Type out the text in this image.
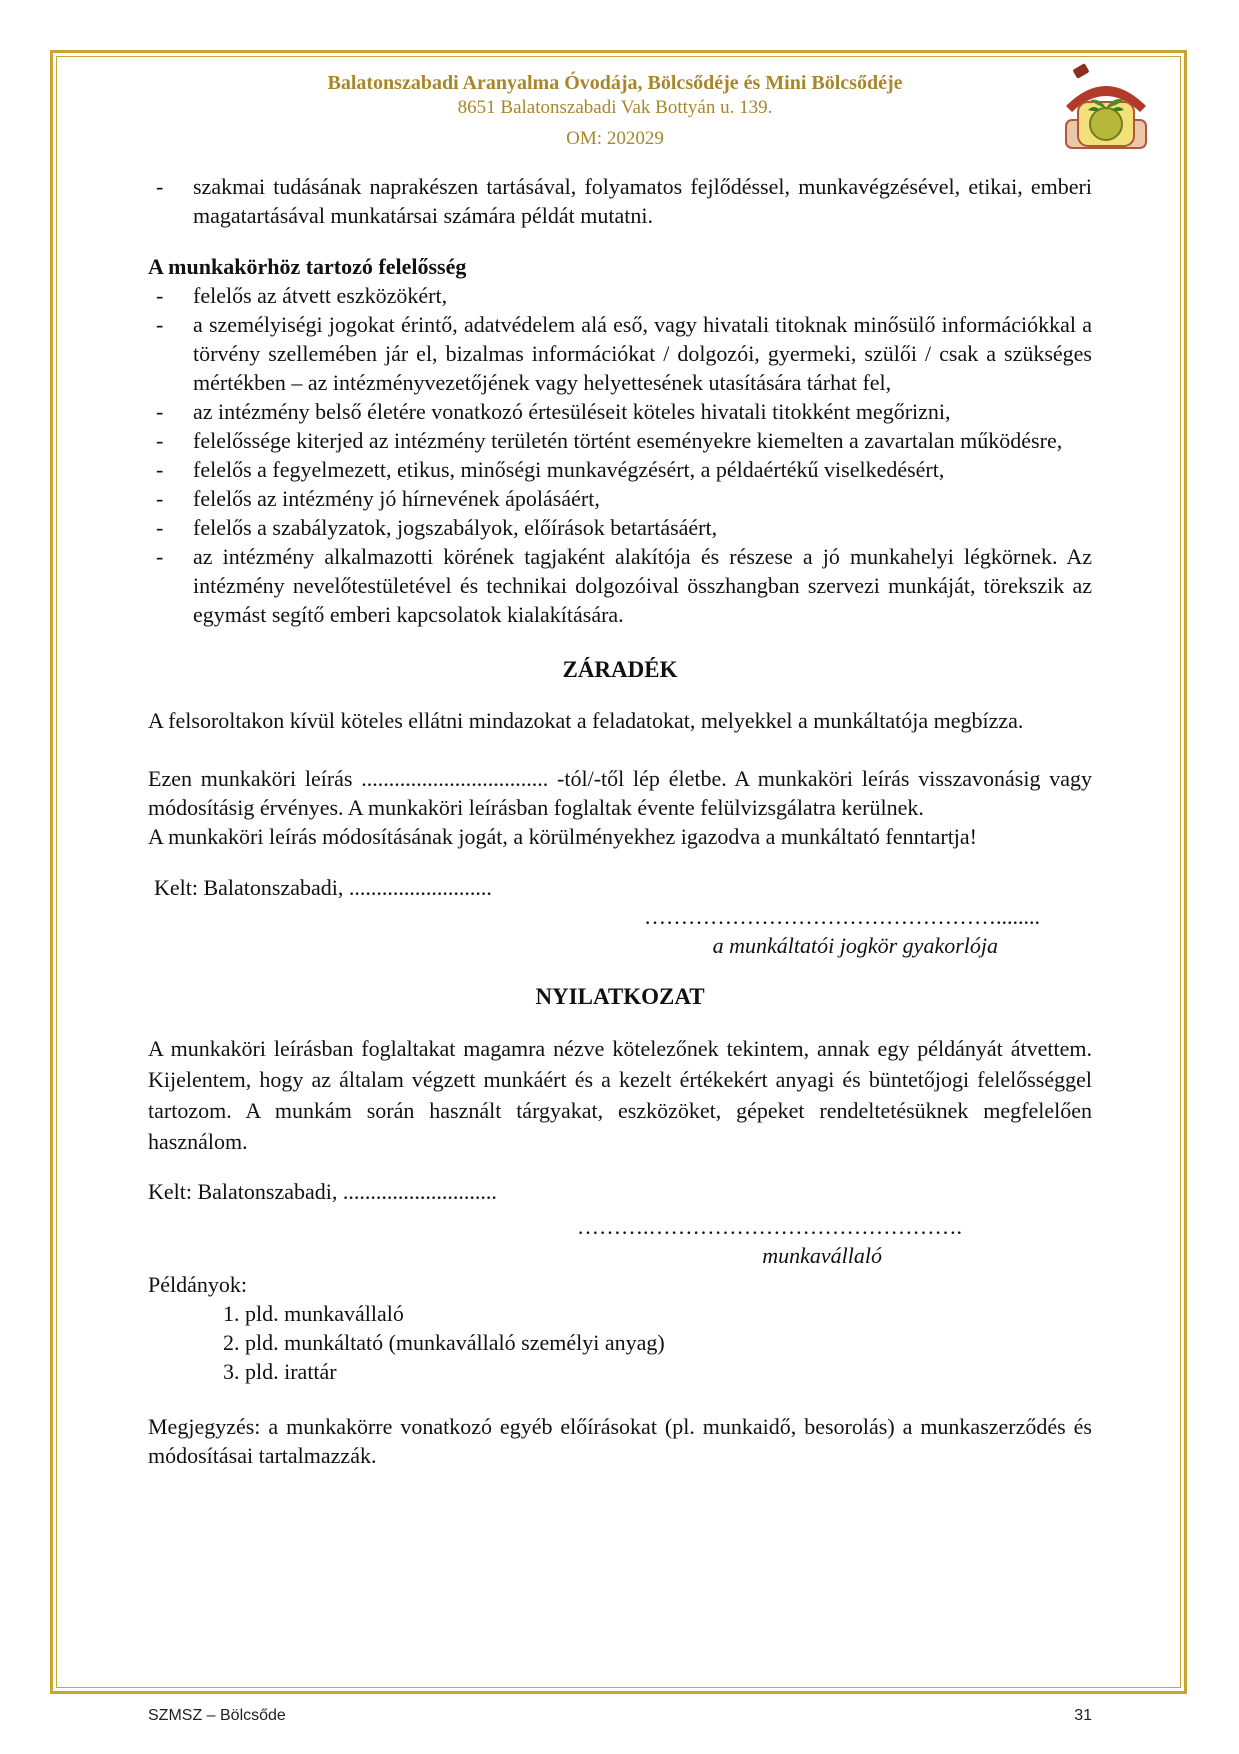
Balatonszabadi Aranyalma Óvodája, Bölcsődéje és Mini Bölcsődéje
8651 Balatonszabadi Vak Bottyán u. 139.
OM: 202029
- szakmai tudásának naprakészen tartásával, folyamatos fejlődéssel, munkavégzésével, etikai, emberi magatartásával munkatársai számára példát mutatni.
A munkakörhöz tartozó felelősség
- felelős az átvett eszközökért,
- a személyiségi jogokat érintő, adatvédelem alá eső, vagy hivatali titoknak minősülő információkkal a törvény szellemében jár el, bizalmas információkat / dolgozói, gyermeki, szülői / csak a szükséges mértékben – az intézményvezetőjének vagy helyettesének utasítására tárhat fel,
- az intézmény belső életére vonatkozó értesüléseit köteles hivatali titokként megőrizni,
- felelőssége kiterjed az intézmény területén történt eseményekre kiemelten a zavartalan működésre,
- felelős a fegyelmezett, etikus, minőségi munkavégzésért, a példaértékű viselkedésért,
- felelős az intézmény jó hírnevének ápolásáért,
- felelős a szabályzatok, jogszabályok, előírások betartásáért,
- az intézmény alkalmazotti körének tagjaként alakítója és részese a jó munkahelyi légkörnek. Az intézmény nevelőtestületével és technikai dolgozóival összhangban szervezi munkáját, törekszik az egymást segítő emberi kapcsolatok kialakítására.
ZÁRADÉK

A felsoroltakon kívül köteles ellátni mindazokat a feladatokat, melyekkel a munkáltatója megbízza.

Ezen munkaköri leírás .................................. -tól/-től lép életbe. A munkaköri leírás visszavonásig vagy módosításig érvényes. A munkaköri leírásban foglaltak évente felülvizsgálatra kerülnek.

A munkaköri leírás módosításának jogát, a körülményekhez igazodva a munkáltató fenntartja!

Kelt: Balatonszabadi, ..........................

…………………………………………........
a munkáltatói jogkör gyakorlója
NYILATKOZAT

A munkaköri leírásban foglaltakat magamra nézve kötelezőnek tekintem, annak egy példányát átvettem. Kijelentem, hogy az általam végzett munkáért és a kezelt értékekért anyagi és büntetőjogi felelősséggel tartozom. A munkám során használt tárgyakat, eszközöket, gépeket rendeltetésüknek megfelelően használom.

Kelt: Balatonszabadi, ............................

……….…………………………………….
munkavállaló

Példányok:

1. pld. munkavállaló
2. pld. munkáltató (munkavállaló személyi anyag)
3. pld. irattár

Megjegyzés: a munkakörre vonatkozó egyéb előírásokat (pl. munkaidő, besorolás) a munkaszerződés és módosításai tartalmazzák.

SZMSZ – Bölcsőde	31
